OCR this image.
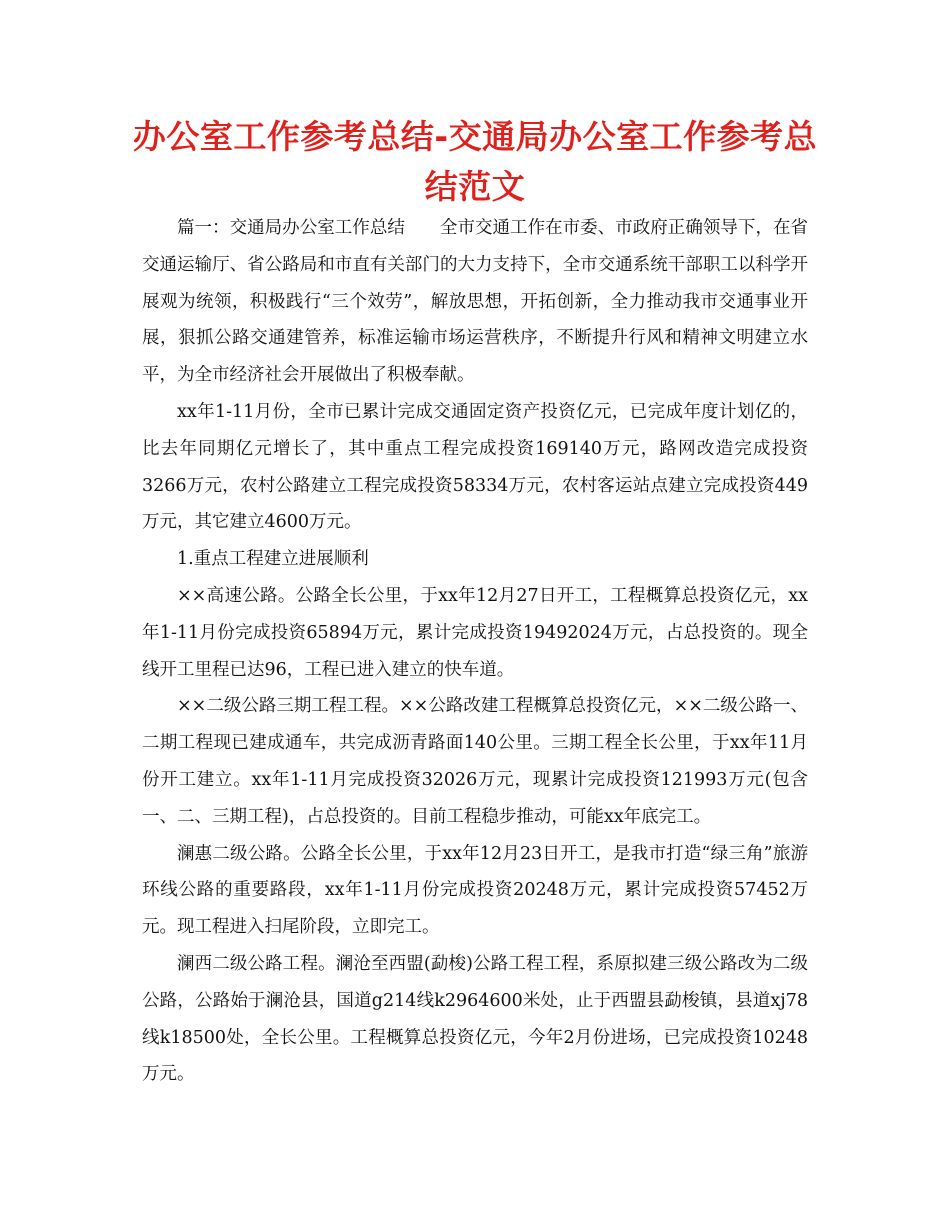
办公室工作参考总结-交通局办公室工作参考总结范文

篇一：交通局办公室工作总结　　全市交通工作在市委、市政府正确领导下，在省交通运输厅、省公路局和市直有关部门的大力支持下，全市交通系统干部职工以科学开展观为统领，积极践行“三个效劳”，解放思想，开拓创新，全力推动我市交通事业开展，狠抓公路交通建管养，标准运输市场运营秩序，不断提升行风和精神文明建立水平，为全市经济社会开展做出了积极奉献。

xx年1-11月份，全市已累计完成交通固定资产投资亿元，已完成年度计划亿的，比去年同期亿元增长了，其中重点工程完成投资169140万元，路网改造完成投资3266万元，农村公路建立工程完成投资58334万元，农村客运站点建立完成投资449万元，其它建立4600万元。

1.重点工程建立进展顺利

××高速公路。公路全长公里，于xx年12月27日开工，工程概算总投资亿元，xx年1-11月份完成投资65894万元，累计完成投资19492024万元，占总投资的。现全线开工里程已达96，工程已进入建立的快车道。

××二级公路三期工程工程。××公路改建工程概算总投资亿元，××二级公路一、二期工程现已建成通车，共完成沥青路面140公里。三期工程全长公里，于xx年11月份开工建立。xx年1-11月完成投资32026万元，现累计完成投资121993万元(包含一、二、三期工程)，占总投资的。目前工程稳步推动，可能xx年底完工。

澜惠二级公路。公路全长公里，于xx年12月23日开工，是我市打造“绿三角”旅游环线公路的重要路段，xx年1-11月份完成投资20248万元，累计完成投资57452万元。现工程进入扫尾阶段，立即完工。

澜西二级公路工程。澜沧至西盟(勐梭)公路工程工程，系原拟建三级公路改为二级公路，公路始于澜沧县，国道g214线k2964600米处，止于西盟县勐梭镇，县道xj78线k18500处，全长公里。工程概算总投资亿元，今年2月份进场，已完成投资10248万元。
